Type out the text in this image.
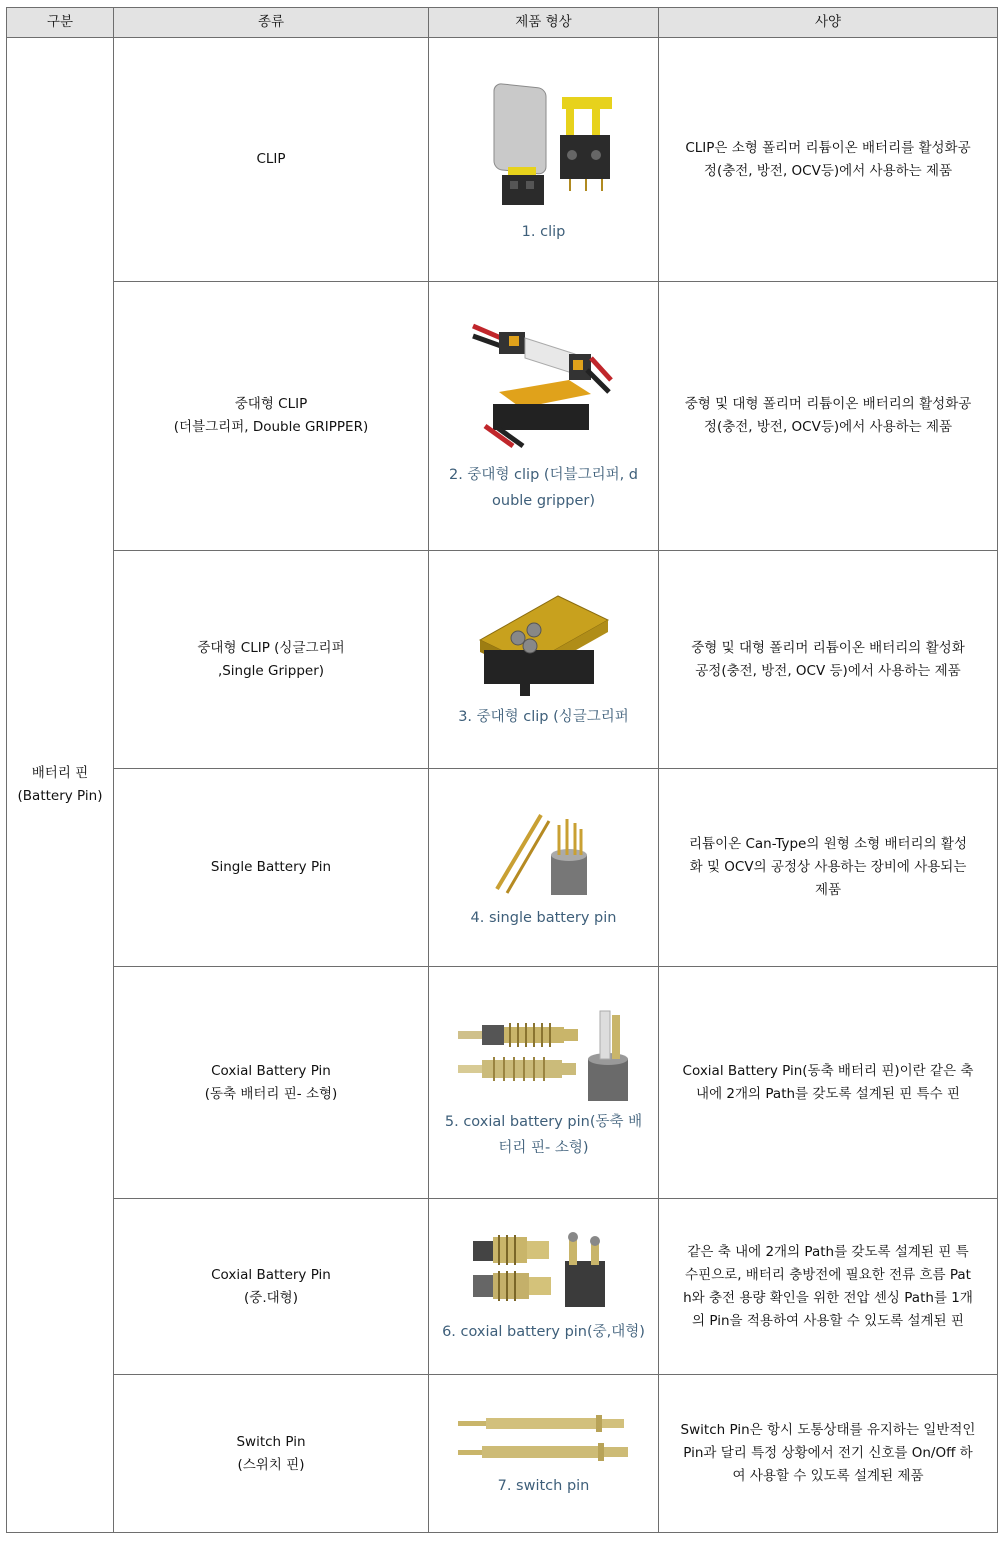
구분	종류	제품 형상	사양

배터리 핀
(Battery Pin)	CLIP	1. clip	CLIP은 소형 폴리머 리튬이온 배터리를 활성화공
정(충전, 방전, OCV등)에서 사용하는 제품

	중대형 CLIP
(더블그리퍼, Double GRIPPER)	2. 중대형 clip (더블그리퍼, d
ouble gripper)	중형 및 대형 폴리머 리튬이온 배터리의 활성화공
정(충전, 방전, OCV등)에서 사용하는 제품

	중대형 CLIP (싱글그리퍼
,Single Gripper)	3. 중대형 clip (싱글그리퍼	중형 및 대형 폴리머 리튬이온 배터리의 활성화
공정(충전, 방전, OCV 등)에서 사용하는 제품

	Single Battery Pin	4. single battery pin	리튬이온 Can-Type의 원형 소형 배터리의 활성
화 및 OCV의 공정상 사용하는 장비에 사용되는
제품

	Coxial Battery Pin
(동축 배터리 핀- 소형)	5. coxial battery pin(동축 배
터리 핀- 소형)	Coxial Battery Pin(동축 배터리 핀)이란 같은 축
내에 2개의 Path를 갖도록 설계된 핀 특수 핀

	Coxial Battery Pin
(중.대형)	6. coxial battery pin(중,대형)	같은 축 내에 2개의 Path를 갖도록 설계된 핀 특
수핀으로, 배터리 충방전에 필요한 전류 흐름 Pat
h와 충전 용량 확인을 위한 전압 센싱 Path를 1개
의 Pin을 적용하여 사용할 수 있도록 설계된 핀

	Switch Pin
(스위치 핀)	7. switch pin	Switch Pin은 항시 도통상태를 유지하는 일반적인
Pin과 달리 특정 상황에서 전기 신호를 On/Off 하
여 사용할 수 있도록 설계된 제품
